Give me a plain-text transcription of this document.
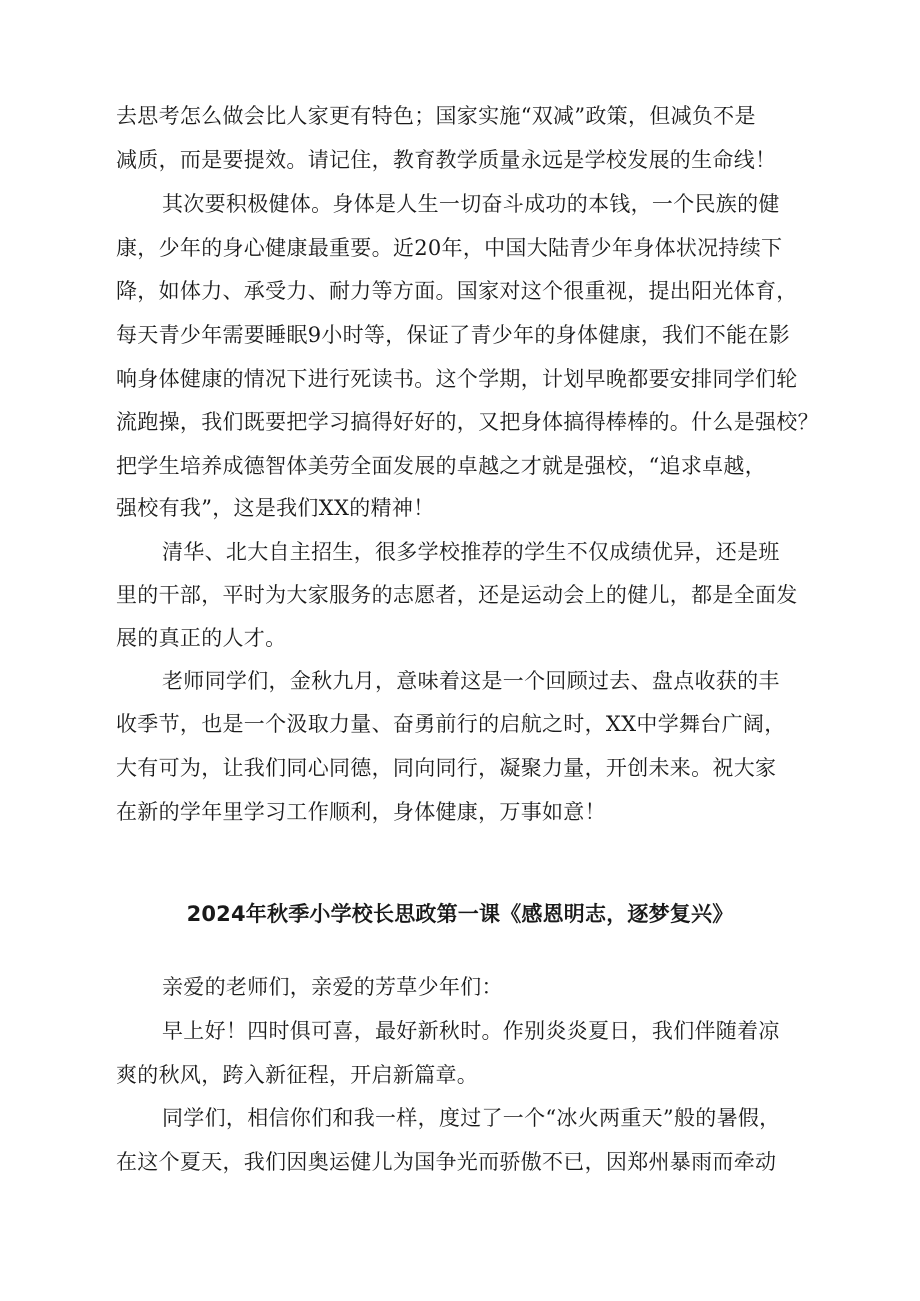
去思考怎么做会比人家更有特色；国家实施“双减”政策，但减负不是
减质，而是要提效。请记住，教育教学质量永远是学校发展的生命线！
其次要积极健体。身体是人生一切奋斗成功的本钱，一个民族的健
康，少年的身心健康最重要。近20年，中国大陆青少年身体状况持续下
降，如体力、承受力、耐力等方面。国家对这个很重视，提出阳光体育，
每天青少年需要睡眠9小时等，保证了青少年的身体健康，我们不能在影
响身体健康的情况下进行死读书。这个学期，计划早晚都要安排同学们轮
流跑操，我们既要把学习搞得好好的，又把身体搞得棒棒的。什么是强校？
把学生培养成德智体美劳全面发展的卓越之才就是强校，“追求卓越，
强校有我”，这是我们XX的精神！
清华、北大自主招生，很多学校推荐的学生不仅成绩优异，还是班
里的干部，平时为大家服务的志愿者，还是运动会上的健儿，都是全面发
展的真正的人才。
老师同学们，金秋九月，意味着这是一个回顾过去、盘点收获的丰
收季节，也是一个汲取力量、奋勇前行的启航之时，XX中学舞台广阔，
大有可为，让我们同心同德，同向同行，凝聚力量，开创未来。祝大家
在新的学年里学习工作顺利，身体健康，万事如意！
2024年秋季小学校长思政第一课《感恩明志，逐梦复兴》
亲爱的老师们，亲爱的芳草少年们：
早上好！四时俱可喜，最好新秋时。作别炎炎夏日，我们伴随着凉
爽的秋风，跨入新征程，开启新篇章。
同学们，相信你们和我一样，度过了一个“冰火两重天”般的暑假，
在这个夏天，我们因奥运健儿为国争光而骄傲不已，因郑州暴雨而牵动
